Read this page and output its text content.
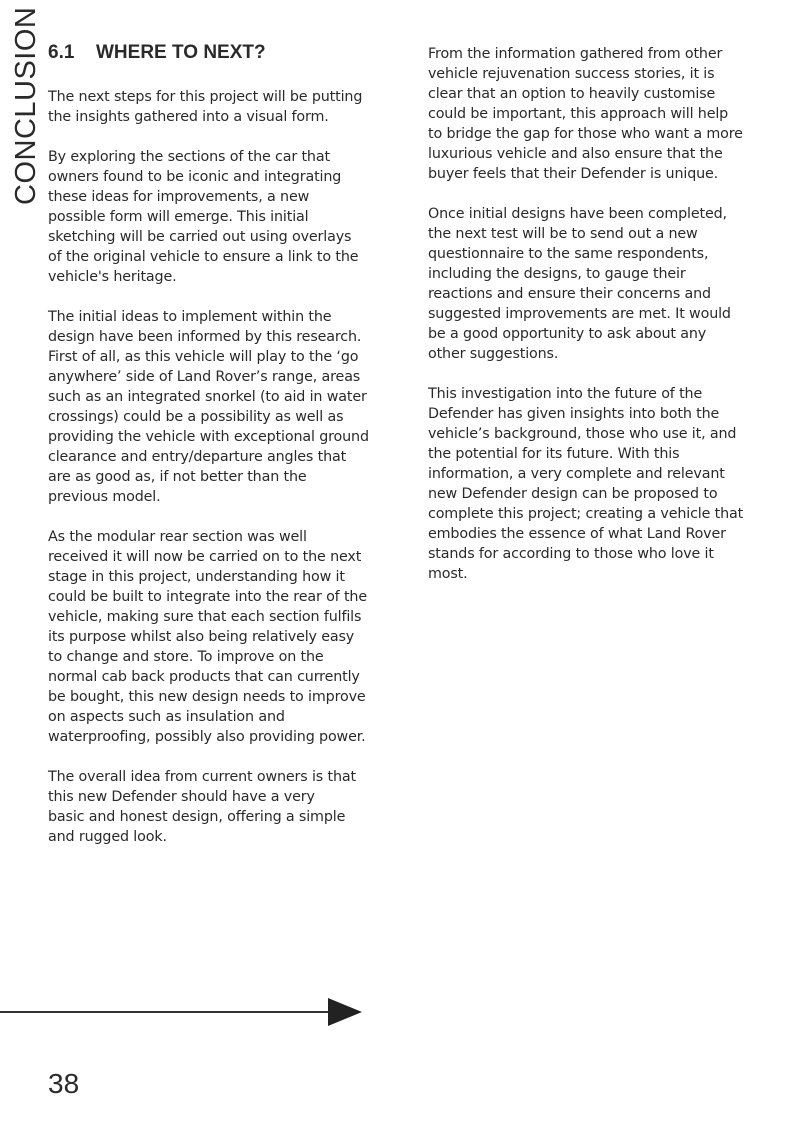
CONCLUSION 6.1 WHERE TO NEXT?

The next steps for this project will be putting
the insights gathered into a visual form.

By exploring the sections of the car that
owners found to be iconic and integrating
these ideas for improvements, a new
possible form will emerge. This initial
sketching will be carried out using overlays
of the original vehicle to ensure a link to the
vehicle's heritage.

The initial ideas to implement within the
design have been informed by this research.
First of all, as this vehicle will play to the ‘go
anywhere’ side of Land Rover’s range, areas
such as an integrated snorkel (to aid in water
crossings) could be a possibility as well as
providing the vehicle with exceptional ground
clearance and entry/departure angles that
are as good as, if not better than the
previous model.

As the modular rear section was well
received it will now be carried on to the next
stage in this project, understanding how it
could be built to integrate into the rear of the
vehicle, making sure that each section fulfils
its purpose whilst also being relatively easy
to change and store. To improve on the
normal cab back products that can currently
be bought, this new design needs to improve
on aspects such as insulation and
waterproofing, possibly also providing power.

The overall idea from current owners is that
this new Defender should have a very
basic and honest design, offering a simple
and rugged look.

From the information gathered from other
vehicle rejuvenation success stories, it is
clear that an option to heavily customise
could be important, this approach will help
to bridge the gap for those who want a more
luxurious vehicle and also ensure that the
buyer feels that their Defender is unique.

Once initial designs have been completed,
the next test will be to send out a new
questionnaire to the same respondents,
including the designs, to gauge their
reactions and ensure their concerns and
suggested improvements are met. It would
be a good opportunity to ask about any
other suggestions.

This investigation into the future of the
Defender has given insights into both the
vehicle’s background, those who use it, and
the potential for its future. With this
information, a very complete and relevant
new Defender design can be proposed to
complete this project; creating a vehicle that
embodies the essence of what Land Rover
stands for according to those who love it
most.

38
